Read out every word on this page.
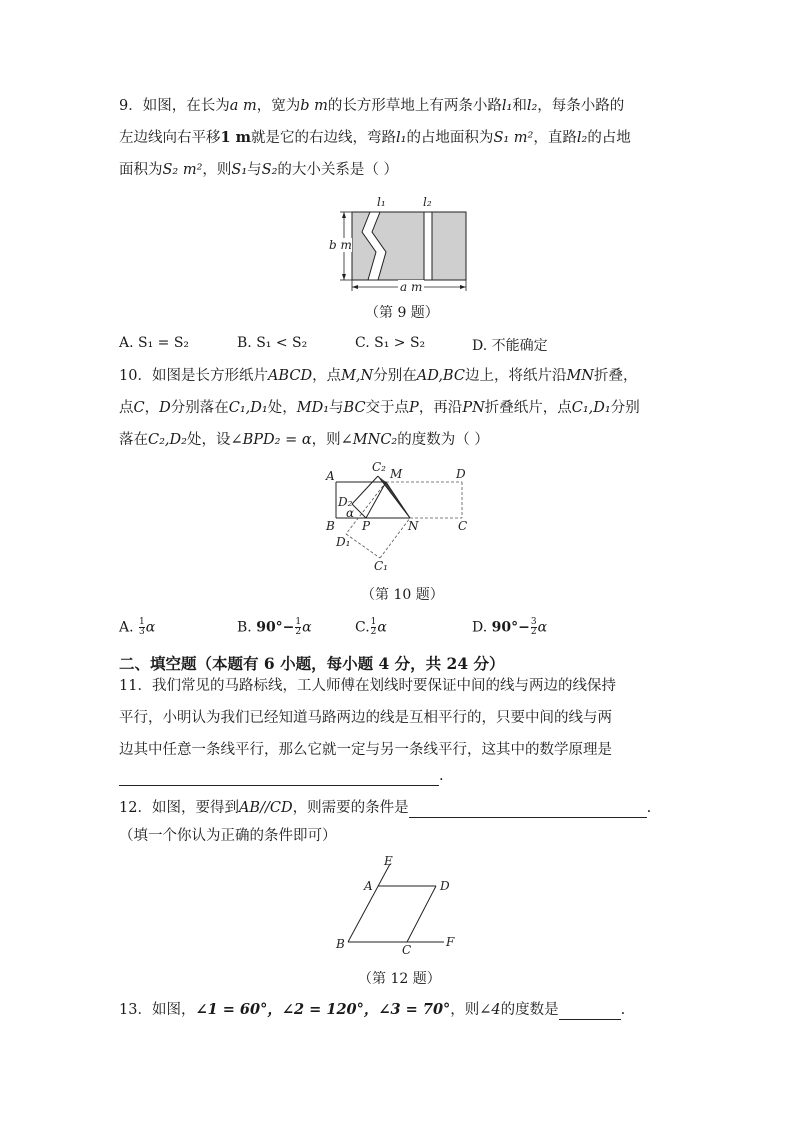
9．如图，在长为a m，宽为b m的长方形草地上有两条小路l₁和l₂，每条小路的
左边线向右平移1 m就是它的右边线，弯路l₁的占地面积为S₁ m²，直路l₂的占地
面积为S₂ m²，则S₁与S₂的大小关系是（ ）
l₁	l₂
b m
a m
（第 9 题）
A. S₁ = S₂	B. S₁ < S₂	C. S₁ > S₂	D. 不能确定
10．如图是长方形纸片ABCD，点M,N分别在AD,BC边上，将纸片沿MN折叠，
点C，D分别落在C₁,D₁处，MD₁与BC交于点P，再沿PN折叠纸片，点C₁,D₁分别
落在C₂,D₂处，设∠BPD₂ = α，则∠MNC₂的度数为（ ）
A
B
C₂ M	D
D₂
α
P	N	C
D₁
C₁
（第 10 题）
A. $\frac{1}{3}$ α	B. $90^\circ- \frac{1}{2}$ α	C. $\frac{1}{2}$ α	D. $90^\circ- \frac{3}{2}$ α
二、填空题（本题有 6 小题，每小题 4 分，共 24 分）
11．我们常见的马路标线，工人师傅在划线时要保证中间的线与两边的线保持
平行，小明认为我们已经知道马路两边的线是互相平行的，只要中间的线与两
边其中任意一条线平行，那么它就一定与另一条线平行，这其中的数学原理是
.
12．如图，要得到AB//CD，则需要的条件是	.
（填一个你认为正确的条件即可）
E
A	D
B	C
F
（第 12 题）
13．如图，∠1 = 60°，∠2 = 120°，∠3 = 70°，则∠4的度数是	.
